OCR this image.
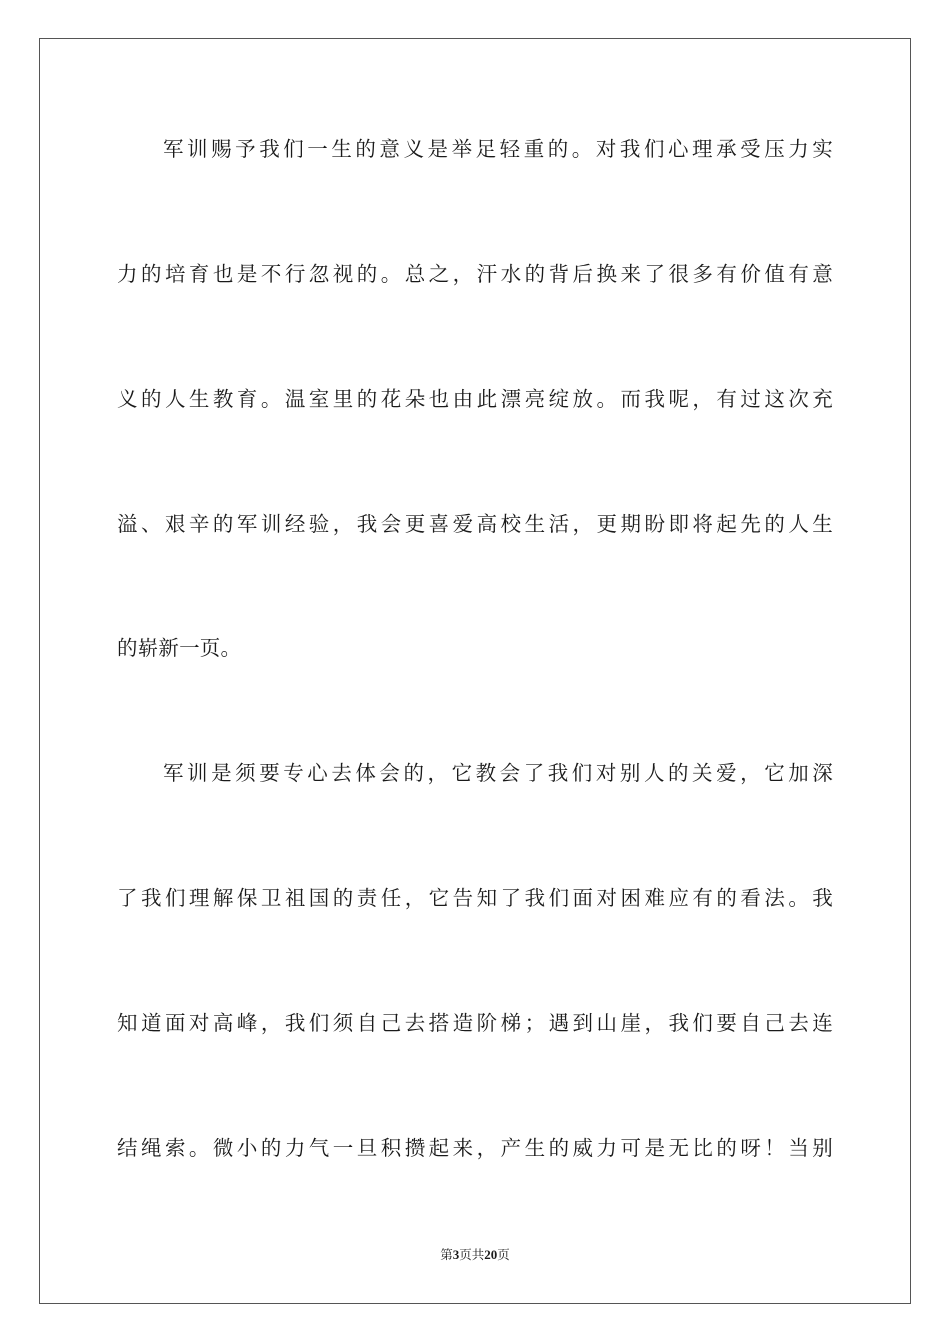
军训赐予我们一生的意义是举足轻重的。对我们心理承受压力实
力的培育也是不行忽视的。总之，汗水的背后换来了很多有价值有意
义的人生教育。温室里的花朵也由此漂亮绽放。而我呢，有过这次充
溢、艰辛的军训经验，我会更喜爱高校生活，更期盼即将起先的人生
的崭新一页。
军训是须要专心去体会的，它教会了我们对别人的关爱，它加深
了我们理解保卫祖国的责任，它告知了我们面对困难应有的看法。我
知道面对高峰，我们须自己去搭造阶梯；遇到山崖，我们要自己去连
结绳索。微小的力气一旦积攒起来，产生的威力可是无比的呀！当别
第3页共20页
